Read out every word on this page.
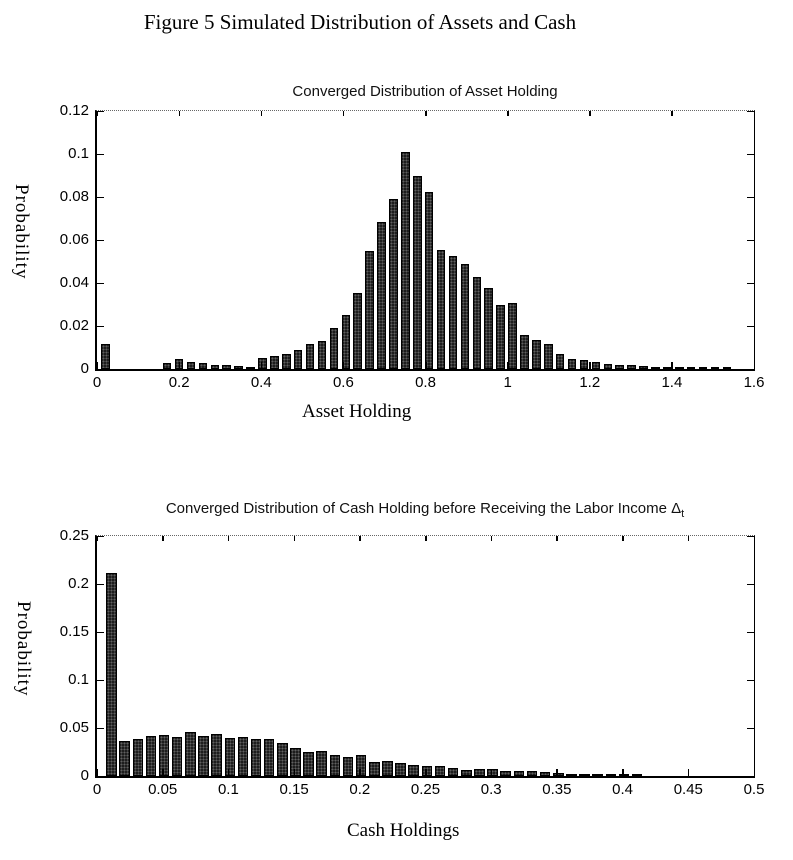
Figure 5 Simulated Distribution of Assets and Cash
Converged Distribution of Asset Holding
Probability
0	0.2	0.4	0.6	0.8	1	1.2	1.4	1.6
0
0.02
0.04
0.06
0.08
0.1
0.12
Asset Holding
Converged Distribution of Cash Holding before Receiving the Labor Income $\Delta_t$
Probability
0	0.05	0.1	0.15	0.2	0.25	0.3	0.35	0.4	0.45	0.5
0
0.05
0.1
0.15
0.2
0.25
Cash Holdings
